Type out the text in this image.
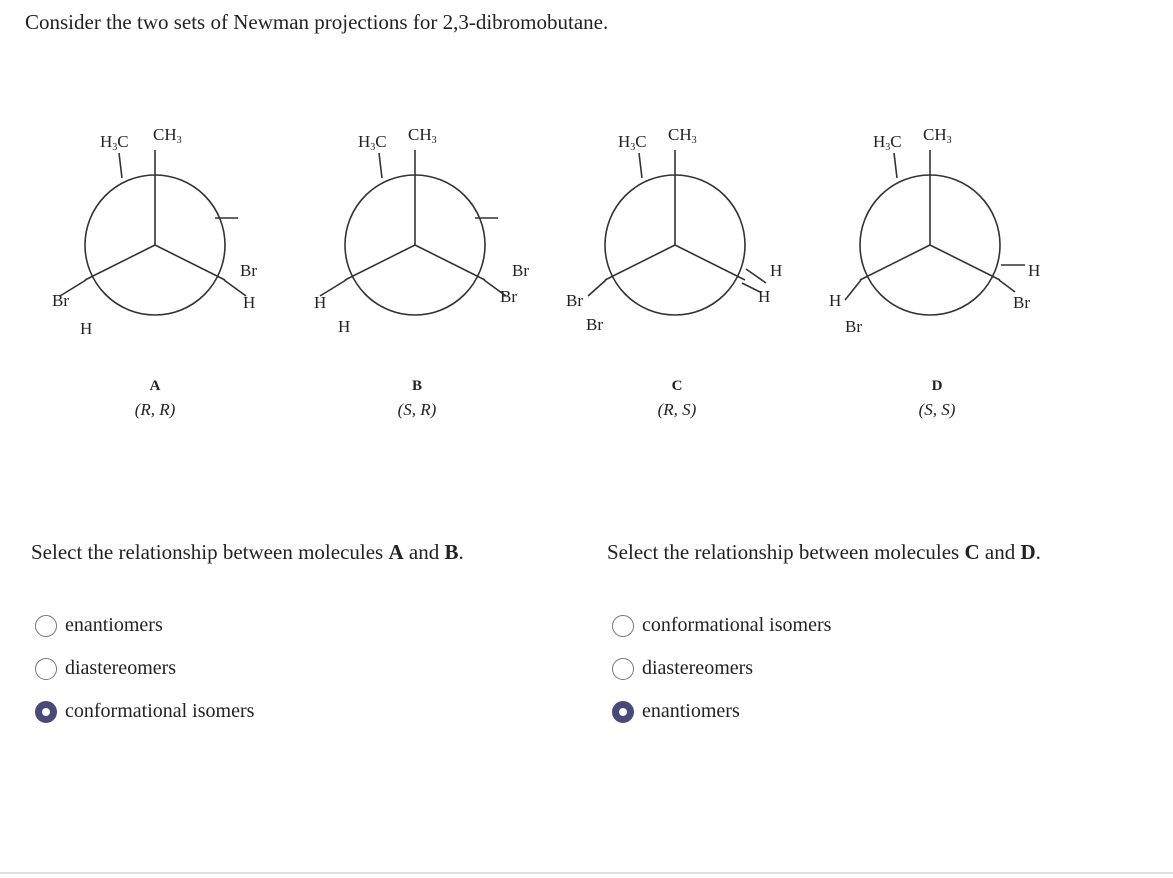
Consider the two sets of Newman projections for 2,3-dibromobutane.

$H_3C$ $CH_3$
Br
H
Br
H
A
(R, R)
$H_3C$ $CH_3$
Br
Br
H
H
B
(S, R)
$H_3C$ $CH_3$
H
H
Br
Br
C
(R, S)
$H_3C$ $CH_3$
H
Br
H
Br
D
(S, S)

Select the relationship between molecules A and B.

enantiomers
diastereomers
conformational isomers

Select the relationship between molecules C and D.

conformational isomers
diastereomers
enantiomers
